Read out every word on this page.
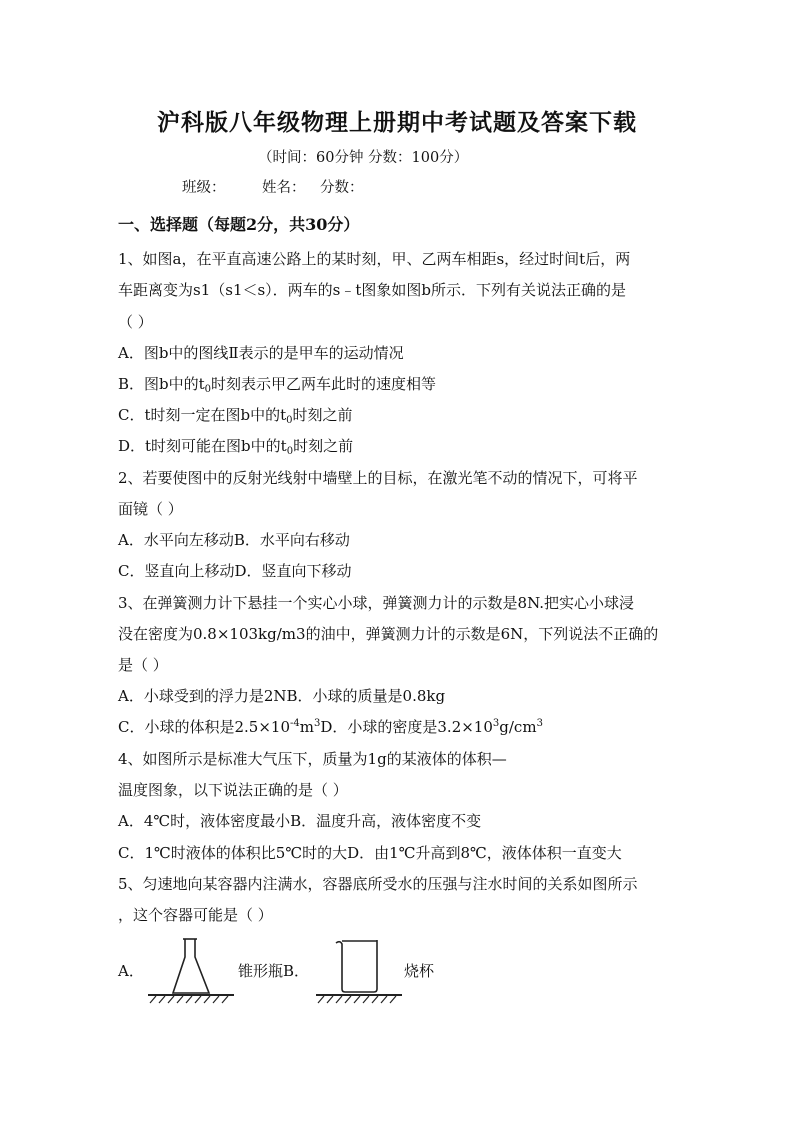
沪科版八年级物理上册期中考试题及答案下载
（时间：60分钟 分数：100分）
班级：	姓名： 分数：
一、选择题（每题2分，共30分）
1、如图a，在平直高速公路上的某时刻，甲、乙两车相距s，经过时间t后，两
车距离变为s1（s1＜s）．两车的s﹣t图象如图b所示．下列有关说法正确的是
（ ）
A．图b中的图线Ⅱ表示的是甲车的运动情况
B．图b中的$t_0$时刻表示甲乙两车此时的速度相等
C．t时刻一定在图b中的$t_0$时刻之前
D．t时刻可能在图b中的$t_0$时刻之前
2、若要使图中的反射光线射中墙壁上的目标，在激光笔不动的情况下，可将平
面镜（ ）
A．水平向左移动B．水平向右移动
C．竖直向上移动D．竖直向下移动
3、在弹簧测力计下悬挂一个实心小球，弹簧测力计的示数是8N.把实心小球浸
没在密度为0.8×103kg/m3的油中，弹簧测力计的示数是6N，下列说法不正确的
是（ ）
A．小球受到的浮力是2NB．小球的质量是0.8kg
C．小球的体积是$2.5\times 10^{-4}m^3D$．小球的密度是$3.2\times 10^3g/cm^3$
4、如图所示是标准大气压下，质量为1g的某液体的体积—
温度图象，以下说法正确的是（ ）
A．4℃时，液体密度最小B．温度升高，液体密度不变
C．1℃时液体的体积比5℃时的大D．由1℃升高到8℃，液体体积一直变大
5、匀速地向某容器内注满水，容器底所受水的压强与注水时间的关系如图所示
，这个容器可能是（ ）
A．	锥形瓶B．	烧杯
